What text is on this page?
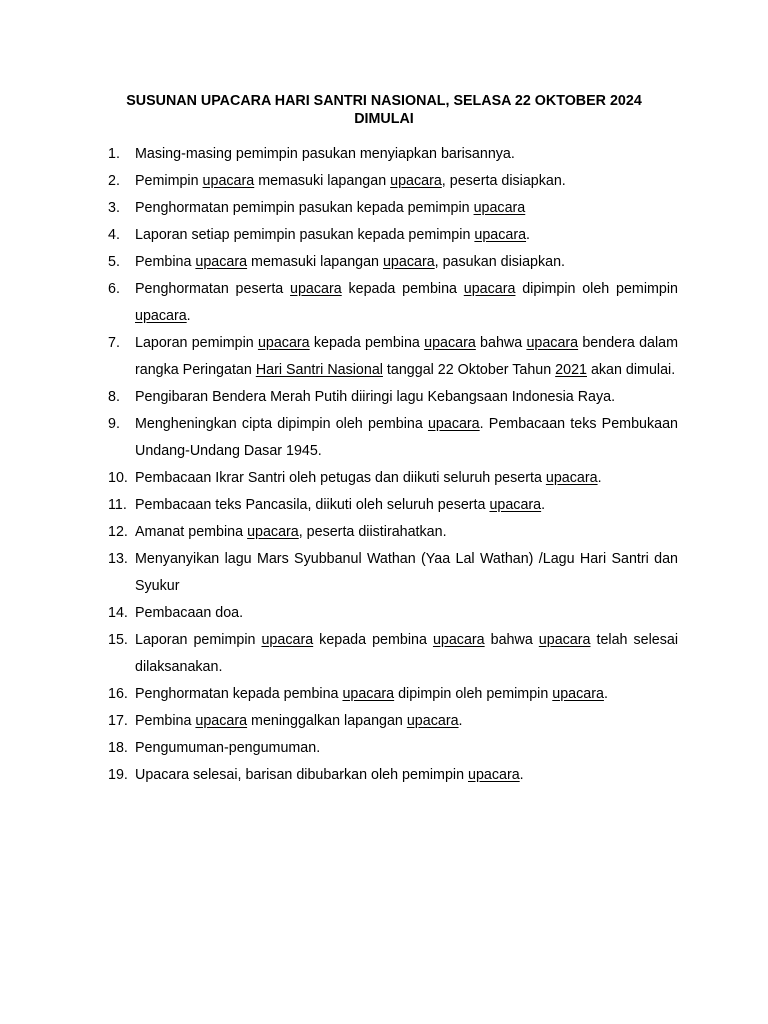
SUSUNAN UPACARA HARI SANTRI NASIONAL, SELASA 22 OKTOBER 2024 DIMULAI
1. Masing-masing pemimpin pasukan menyiapkan barisannya.
2. Pemimpin upacara memasuki lapangan upacara, peserta disiapkan.
3. Penghormatan pemimpin pasukan kepada pemimpin upacara
4. Laporan setiap pemimpin pasukan kepada pemimpin upacara.
5. Pembina upacara memasuki lapangan upacara, pasukan disiapkan.
6. Penghormatan peserta upacara kepada pembina upacara dipimpin oleh pemimpin upacara.
7. Laporan pemimpin upacara kepada pembina upacara bahwa upacara bendera dalam rangka Peringatan Hari Santri Nasional tanggal 22 Oktober Tahun 2021 akan dimulai.
8. Pengibaran Bendera Merah Putih diiringi lagu Kebangsaan Indonesia Raya.
9. Mengheningkan cipta dipimpin oleh pembina upacara. Pembacaan teks Pembukaan Undang-Undang Dasar 1945.
10. Pembacaan Ikrar Santri oleh petugas dan diikuti seluruh peserta upacara.
11. Pembacaan teks Pancasila, diikuti oleh seluruh peserta upacara.
12. Amanat pembina upacara, peserta diistirahatkan.
13. Menyanyikan lagu Mars Syubbanul Wathan (Yaa Lal Wathan) /Lagu Hari Santri dan Syukur
14. Pembacaan doa.
15. Laporan pemimpin upacara kepada pembina upacara bahwa upacara telah selesai dilaksanakan.
16. Penghormatan kepada pembina upacara dipimpin oleh pemimpin upacara.
17. Pembina upacara meninggalkan lapangan upacara.
18. Pengumuman-pengumuman.
19. Upacara selesai, barisan dibubarkan oleh pemimpin upacara.
